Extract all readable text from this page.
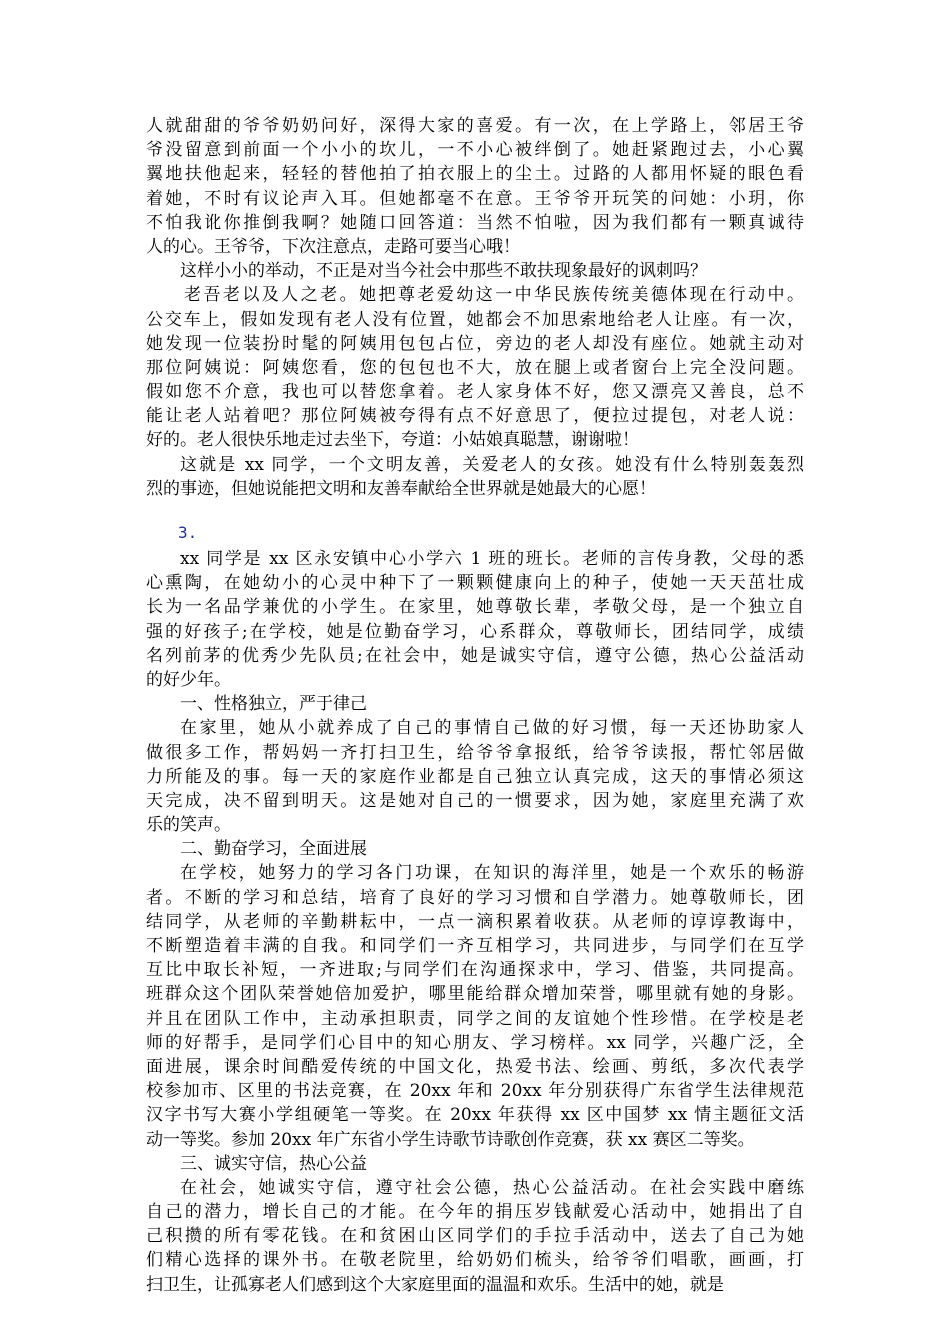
人就甜甜的爷爷奶奶问好，深得大家的喜爱。有一次，在上学路上，邻居王爷
爷没留意到前面一个小小的坎儿，一不小心被绊倒了。她赶紧跑过去，小心翼
翼地扶他起来，轻轻的替他拍了拍衣服上的尘土。过路的人都用怀疑的眼色看
着她，不时有议论声入耳。但她都毫不在意。王爷爷开玩笑的问她：小玥，你
不怕我讹你推倒我啊？她随口回答道：当然不怕啦，因为我们都有一颗真诚待
人的心。王爷爷，下次注意点，走路可要当心哦！
这样小小的举动，不正是对当今社会中那些不敢扶现象最好的讽刺吗？
老吾老以及人之老。她把尊老爱幼这一中华民族传统美德体现在行动中。
公交车上，假如发现有老人没有位置，她都会不加思索地给老人让座。有一次，
她发现一位装扮时髦的阿姨用包包占位，旁边的老人却没有座位。她就主动对
那位阿姨说：阿姨您看，您的包包也不大，放在腿上或者窗台上完全没问题。
假如您不介意，我也可以替您拿着。老人家身体不好，您又漂亮又善良，总不
能让老人站着吧？那位阿姨被夸得有点不好意思了，便拉过提包，对老人说：
好的。老人很快乐地走过去坐下，夸道：小姑娘真聪慧，谢谢啦！
这就是 xx 同学，一个文明友善，关爱老人的女孩。她没有什么特别轰轰烈
烈的事迹，但她说能把文明和友善奉献给全世界就是她最大的心愿！
3.
xx 同学是 xx 区永安镇中心小学六 1 班的班长。老师的言传身教，父母的悉
心熏陶，在她幼小的心灵中种下了一颗颗健康向上的种子，使她一天天茁壮成
长为一名品学兼优的小学生。在家里，她尊敬长辈，孝敬父母，是一个独立自
强的好孩子;在学校，她是位勤奋学习，心系群众，尊敬师长，团结同学，成绩
名列前茅的优秀少先队员;在社会中，她是诚实守信，遵守公德，热心公益活动
的好少年。
一、性格独立，严于律己
在家里，她从小就养成了自己的事情自己做的好习惯，每一天还协助家人
做很多工作，帮妈妈一齐打扫卫生，给爷爷拿报纸，给爷爷读报，帮忙邻居做
力所能及的事。每一天的家庭作业都是自己独立认真完成，这天的事情必须这
天完成，决不留到明天。这是她对自己的一惯要求，因为她，家庭里充满了欢
乐的笑声。
二、勤奋学习，全面进展
在学校，她努力的学习各门功课，在知识的海洋里，她是一个欢乐的畅游
者。不断的学习和总结，培育了良好的学习习惯和自学潜力。她尊敬师长，团
结同学，从老师的辛勤耕耘中，一点一滴积累着收获。从老师的谆谆教诲中，
不断塑造着丰满的自我。和同学们一齐互相学习，共同进步，与同学们在互学
互比中取长补短，一齐进取;与同学们在沟通探求中，学习、借鉴，共同提高。
班群众这个团队荣誉她倍加爱护，哪里能给群众增加荣誉，哪里就有她的身影。
并且在团队工作中，主动承担职责，同学之间的友谊她个性珍惜。在学校是老
师的好帮手，是同学们心目中的知心朋友、学习榜样。xx 同学，兴趣广泛，全
面进展，课余时间酷爱传统的中国文化，热爱书法、绘画、剪纸，多次代表学
校参加市、区里的书法竞赛，在 20xx 年和 20xx 年分别获得广东省学生法律规范
汉字书写大赛小学组硬笔一等奖。在 20xx 年获得 xx 区中国梦 xx 情主题征文活
动一等奖。参加 20xx 年广东省小学生诗歌节诗歌创作竞赛，获 xx 赛区二等奖。
三、诚实守信，热心公益
在社会，她诚实守信，遵守社会公德，热心公益活动。在社会实践中磨练
自己的潜力，增长自己的才能。在今年的捐压岁钱献爱心活动中，她捐出了自
己积攒的所有零花钱。在和贫困山区同学们的手拉手活动中，送去了自己为她
们精心选择的课外书。在敬老院里，给奶奶们梳头，给爷爷们唱歌，画画，打
扫卫生，让孤寡老人们感到这个大家庭里面的温温和欢乐。生活中的她，就是
